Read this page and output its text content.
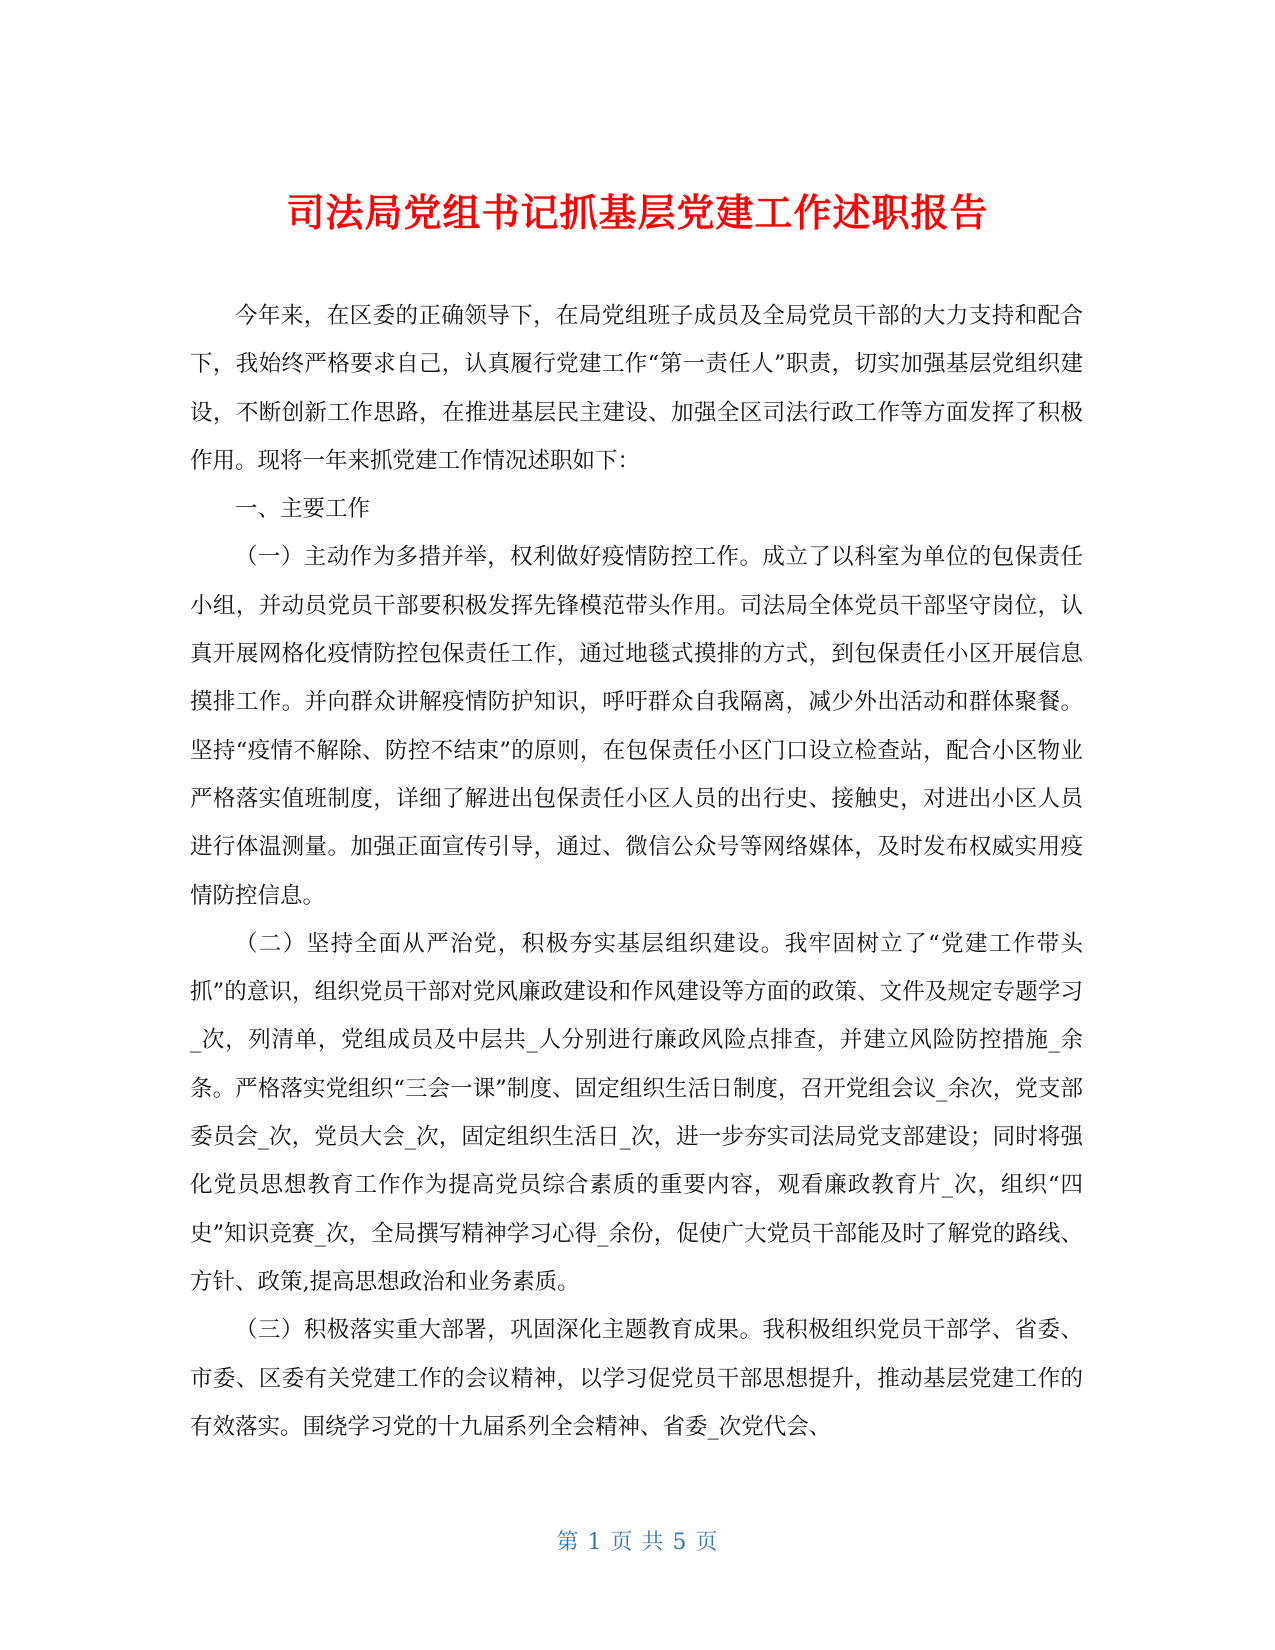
司法局党组书记抓基层党建工作述职报告

今年来，在区委的正确领导下，在局党组班子成员及全局党员干部的大力支持和配合下，我始终严格要求自己，认真履行党建工作“第一责任人”职责，切实加强基层党组织建设，不断创新工作思路，在推进基层民主建设、加强全区司法行政工作等方面发挥了积极作用。现将一年来抓党建工作情况述职如下：

一、主要工作

（一）主动作为多措并举，权利做好疫情防控工作。成立了以科室为单位的包保责任小组，并动员党员干部要积极发挥先锋模范带头作用。司法局全体党员干部坚守岗位，认真开展网格化疫情防控包保责任工作，通过地毯式摸排的方式，到包保责任小区开展信息摸排工作。并向群众讲解疫情防护知识，呼吁群众自我隔离，减少外出活动和群体聚餐。坚持“疫情不解除、防控不结束”的原则，在包保责任小区门口设立检查站，配合小区物业严格落实值班制度，详细了解进出包保责任小区人员的出行史、接触史，对进出小区人员进行体温测量。加强正面宣传引导，通过、微信公众号等网络媒体，及时发布权威实用疫情防控信息。

（二）坚持全面从严治党，积极夯实基层组织建设。我牢固树立了“党建工作带头抓”的意识，组织党员干部对党风廉政建设和作风建设等方面的政策、文件及规定专题学习_次，列清单，党组成员及中层共_人分别进行廉政风险点排查，并建立风险防控措施_余条。严格落实党组织“三会一课”制度、固定组织生活日制度，召开党组会议_余次，党支部委员会_次，党员大会_次，固定组织生活日_次，进一步夯实司法局党支部建设；同时将强化党员思想教育工作作为提高党员综合素质的重要内容，观看廉政教育片_次，组织“四史”知识竞赛_次，全局撰写精神学习心得_余份，促使广大党员干部能及时了解党的路线、方针、政策,提高思想政治和业务素质。

（三）积极落实重大部署，巩固深化主题教育成果。我积极组织党员干部学、省委、市委、区委有关党建工作的会议精神，以学习促党员干部思想提升，推动基层党建工作的有效落实。围绕学习党的十九届系列全会精神、省委_次党代会、

第 1 页 共 5 页
